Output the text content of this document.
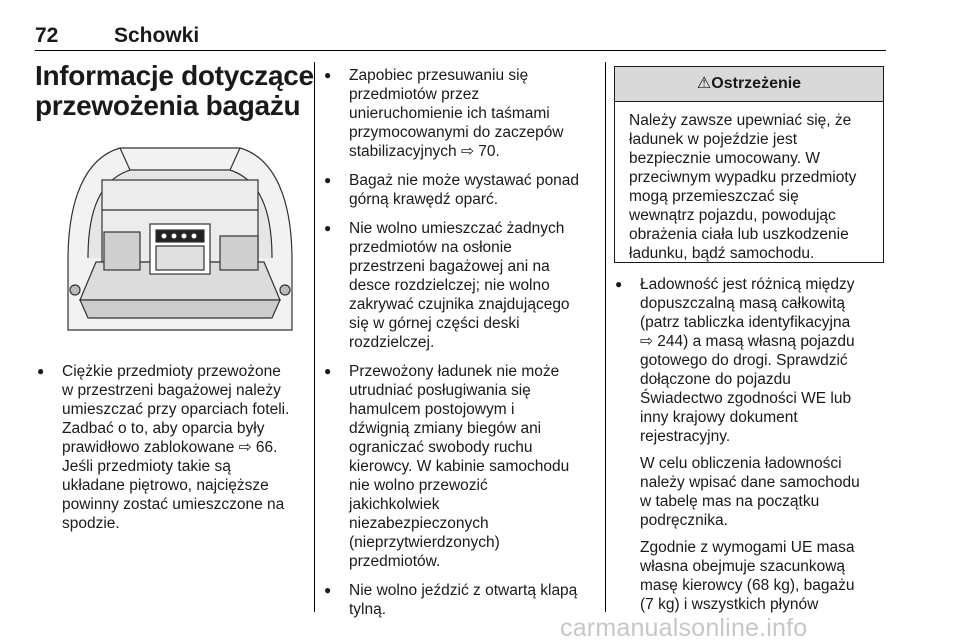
72	Schowki
Informacje dotyczące
przewożenia bagażu
● Ciężkie przedmioty przewożone
w przestrzeni bagażowej należy
umieszczać przy oparciach foteli.
Zadbać o to, aby oparcia były
prawidłowo zablokowane ⇨ 66.
Jeśli przedmioty takie są
układane piętrowo, najcięższe
powinny zostać umieszczone na
spodzie.
● Zapobiec przesuwaniu się
przedmiotów przez
unieruchomienie ich taśmami
przymocowanymi do zaczepów
stabilizacyjnych ⇨ 70.
● Bagaż nie może wystawać ponad
górną krawędź oparć.
● Nie wolno umieszczać żadnych
przedmiotów na osłonie
przestrzeni bagażowej ani na
desce rozdzielczej; nie wolno
zakrywać czujnika znajdującego
się w górnej części deski
rozdzielczej.
● Przewożony ładunek nie może
utrudniać posługiwania się
hamulcem postojowym i
dźwignią zmiany biegów ani
ograniczać swobody ruchu
kierowcy. W kabinie samochodu
nie wolno przewozić
jakichkolwiek
niezabezpieczonych
(nieprzytwierdzonych)
przedmiotów.
● Nie wolno jeździć z otwartą klapą
tylną.
⚠Ostrzeżenie
Należy zawsze upewniać się, że
ładunek w pojeździe jest
bezpiecznie umocowany. W
przeciwnym wypadku przedmioty
mogą przemieszczać się
wewnątrz pojazdu, powodując
obrażenia ciała lub uszkodzenie
ładunku, bądź samochodu.
● Ładowność jest różnicą między
dopuszczalną masą całkowitą
(patrz tabliczka identyfikacyjna
⇨ 244) a masą własną pojazdu
gotowego do drogi. Sprawdzić
dołączone do pojazdu
Świadectwo zgodności WE lub
inny krajowy dokument
rejestracyjny.
W celu obliczenia ładowności
należy wpisać dane samochodu
w tabelę mas na początku
podręcznika.
Zgodnie z wymogami UE masa
własna obejmuje szacunkową
masę kierowcy (68 kg), bagażu
(7 kg) i wszystkich płynów
carmanualsonline.info
